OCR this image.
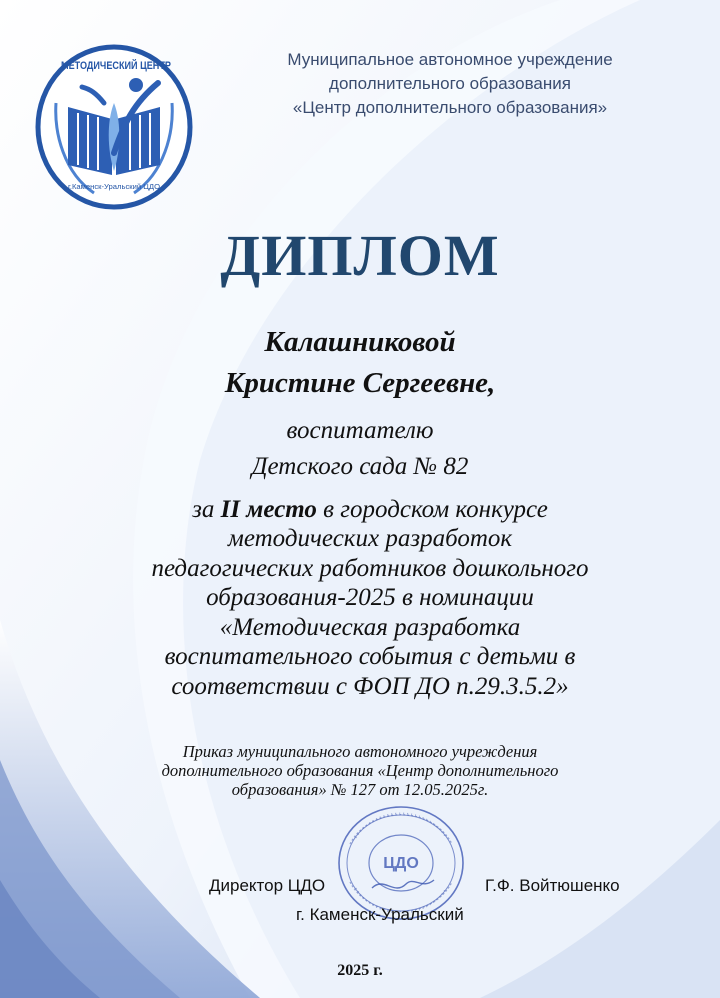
МЕТОДИЧЕСКИЙ ЦЕНТР
г.Каменск-Уральский ЦДО
Муниципальное автономное учреждение
дополнительного образования
«Центр дополнительного образования»
ДИПЛОМ
Калашниковой
Кристине Сергеевне,
воспитателю
Детского сада № 82
за II место в городском конкурсе
методических разработок
педагогических работников дошкольного
образования-2025 в номинации
«Методическая разработка
воспитательного события с детьми в
соответствии с ФОП ДО п.29.3.5.2»
Приказ муниципального автономного учреждения
дополнительного образования «Центр дополнительного
образования» № 127 от 12.05.2025г.
ЦДО
Директор ЦДО	Г.Ф. Войтюшенко
г. Каменск-Уральский
2025 г.
